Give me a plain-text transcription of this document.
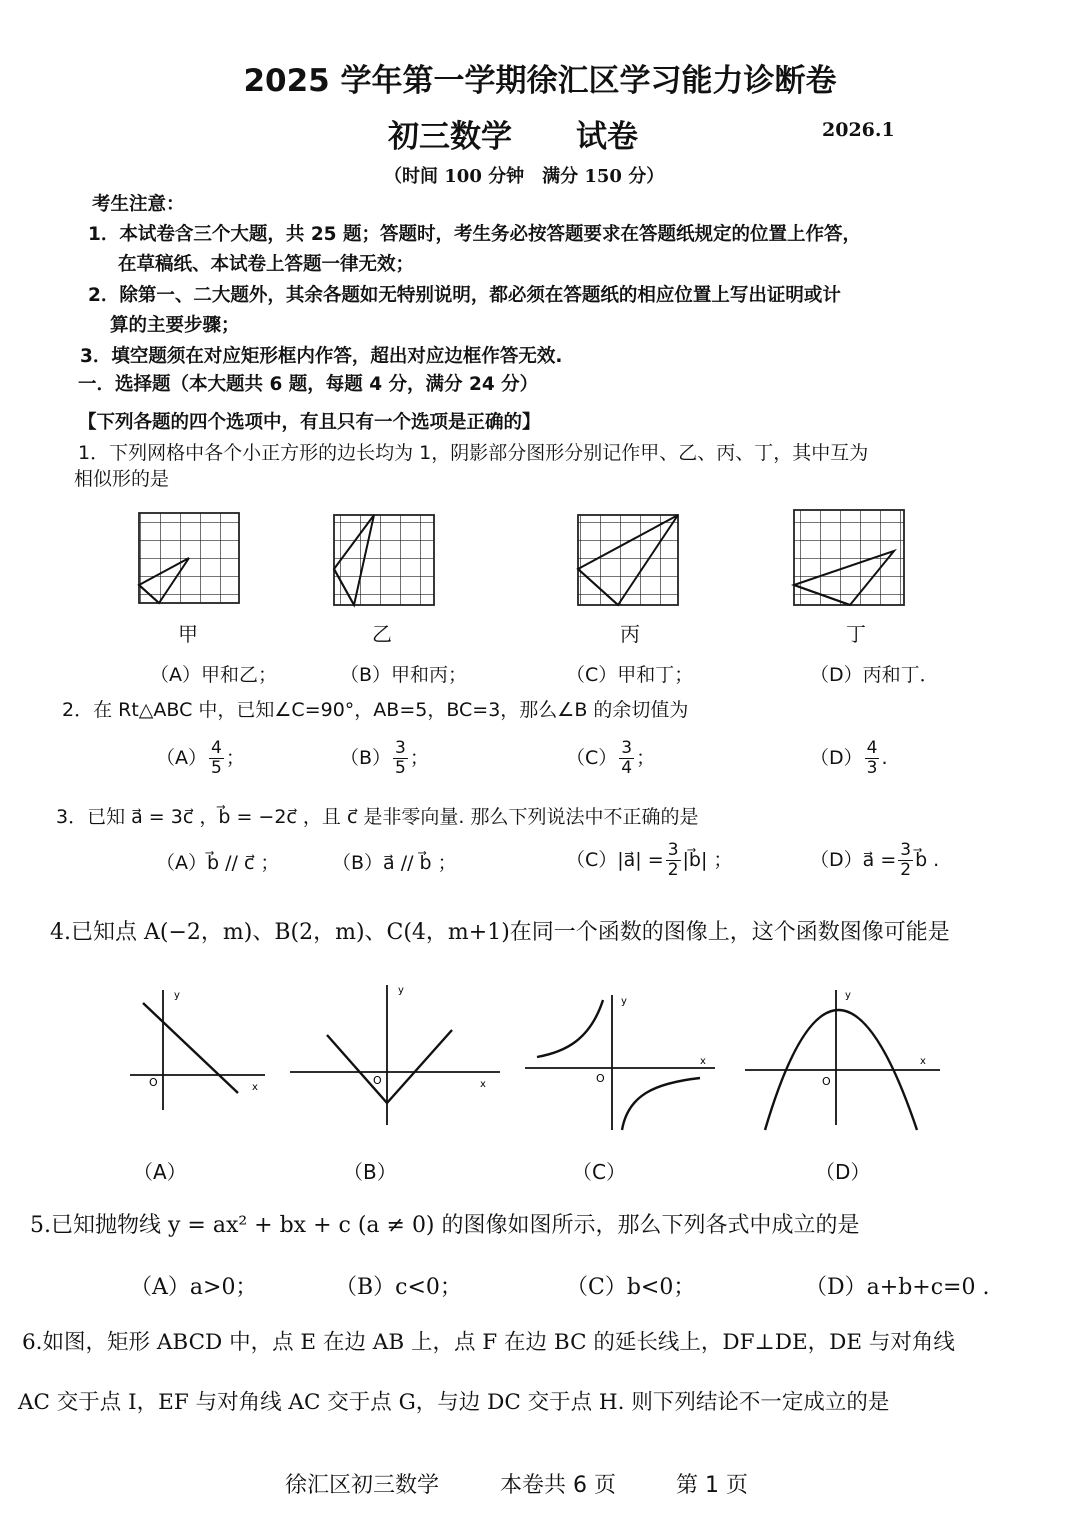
2025 学年第一学期徐汇区学习能力诊断卷
初三数学 试卷	2026.1
（时间 100 分钟　满分 150 分）
考生注意：
1．本试卷含三个大题，共 25 题；答题时，考生务必按答题要求在答题纸规定的位置上作答，
在草稿纸、本试卷上答题一律无效；
2．除第一、二大题外，其余各题如无特别说明，都必须在答题纸的相应位置上写出证明或计
算的主要步骤；
3．填空题须在对应矩形框内作答，超出对应边框作答无效.
一．选择题（本大题共 6 题，每题 4 分，满分 24 分）
【下列各题的四个选项中，有且只有一个选项是正确的】
1．下列网格中各个小正方形的边长均为 1，阴影部分图形分别记作甲、乙、丙、丁，其中互为
相似形的是
甲	乙	丙	丁
（A）甲和乙；	（B）甲和丙；	（C）甲和丁；	（D）丙和丁．
2．在 Rt△ABC 中，已知∠C=90°，AB=5，BC=3，那么∠B 的余切值为
$(A) \frac{4}{5}$ ；	$(B) \frac{3}{5}$ ；	$(C) \frac{3}{4}$ ；	$(D) \frac{4}{3}$ .
3．已知 a⃗ = 3c⃗ ，b⃗ = −2c⃗ ，且 c⃗ 是非零向量. 那么下列说法中不正确的是
（A）b⃗ // c⃗ ；	（B）a⃗ // b⃗ ；	（C）|a⃗| = $\frac{3}{2}$ |b⃗| ；	（D）a⃗ = $\frac{3}{2}$ b⃗ .
4.已知点 A(−2，m)、B(2，m)、C(4，m+1)在同一个函数的图像上，这个函数图像可能是
y
x
O
y
x
O
y
x
O
y
x
O
（A）	（B）	（C）	（D）
5.已知抛物线 y = ax² + bx + c (a ≠ 0) 的图像如图所示，那么下列各式中成立的是
（A）a>0；	（B）c<0；	（C）b<0；	（D）a+b+c=0 .
6.如图，矩形 ABCD 中，点 E 在边 AB 上，点 F 在边 BC 的延长线上，DF⊥DE，DE 与对角线
AC 交于点 I，EF 与对角线 AC 交于点 G，与边 DC 交于点 H. 则下列结论不一定成立的是
徐汇区初三数学	本卷共 6 页	第 1 页
